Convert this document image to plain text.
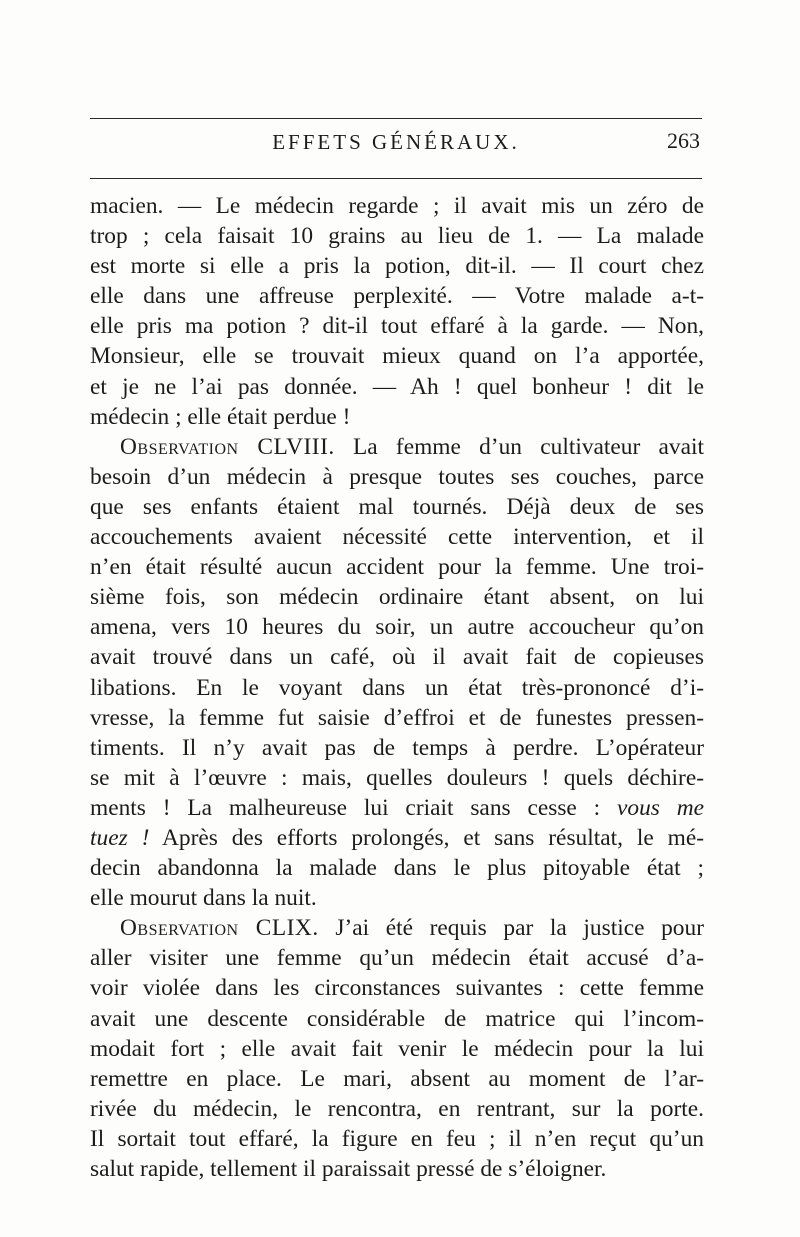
EFFETS GÉNÉRAUX.	263
macien. — Le médecin regarde ; il avait mis un zéro de
trop ; cela faisait 10 grains au lieu de 1. — La malade
est morte si elle a pris la potion, dit-il. — Il court chez
elle dans une affreuse perplexité. — Votre malade a-t-
elle pris ma potion ? dit-il tout effaré à la garde. — Non,
Monsieur, elle se trouvait mieux quand on l’a apportée,
et je ne l’ai pas donnée. — Ah ! quel bonheur ! dit le
médecin ; elle était perdue !
Observation CLVIII. La femme d’un cultivateur avait
besoin d’un médecin à presque toutes ses couches, parce
que ses enfants étaient mal tournés. Déjà deux de ses
accouchements avaient nécessité cette intervention, et il
n’en était résulté aucun accident pour la femme. Une troi-
sième fois, son médecin ordinaire étant absent, on lui
amena, vers 10 heures du soir, un autre accoucheur qu’on
avait trouvé dans un café, où il avait fait de copieuses
libations. En le voyant dans un état très-prononcé d’i-
vresse, la femme fut saisie d’effroi et de funestes pressen-
timents. Il n’y avait pas de temps à perdre. L’opérateur
se mit à l’œuvre : mais, quelles douleurs ! quels déchire-
ments ! La malheureuse lui criait sans cesse : vous me
tuez ! Après des efforts prolongés, et sans résultat, le mé-
decin abandonna la malade dans le plus pitoyable état ;
elle mourut dans la nuit.
Observation CLIX. J’ai été requis par la justice pour
aller visiter une femme qu’un médecin était accusé d’a-
voir violée dans les circonstances suivantes : cette femme
avait une descente considérable de matrice qui l’incom-
modait fort ; elle avait fait venir le médecin pour la lui
remettre en place. Le mari, absent au moment de l’ar-
rivée du médecin, le rencontra, en rentrant, sur la porte.
Il sortait tout effaré, la figure en feu ; il n’en reçut qu’un
salut rapide, tellement il paraissait pressé de s’éloigner.
